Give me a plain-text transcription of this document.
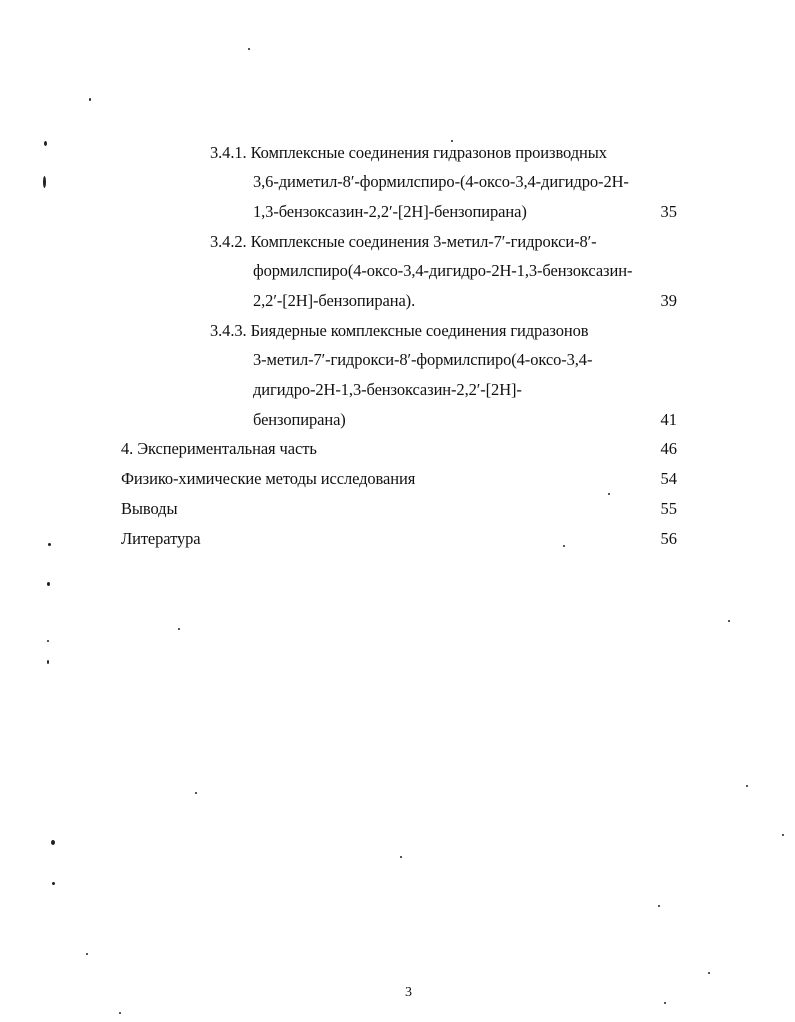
3.4.1. Комплексные соединения гидразонов производных
3,6-диметил-8′-формилспиро-(4-оксо-3,4-дигидро-2H-
1,3-бензоксазин-2,2′-[2H]-бензопирана)	35
3.4.2. Комплексные соединения 3-метил-7′-гидрокси-8′-
формилспиро(4-оксо-3,4-дигидро-2H-1,3-бензоксазин-
2,2′-[2H]-бензопирана).	39
3.4.3. Биядерные комплексные соединения гидразонов
3-метил-7′-гидрокси-8′-формилспиро(4-оксо-3,4-
дигидро-2H-1,3-бензоксазин-2,2′-[2H]-
бензопирана)	41
4. Экспериментальная часть	46
Физико-химические методы исследования	54
Выводы	55
Литература	56
3
